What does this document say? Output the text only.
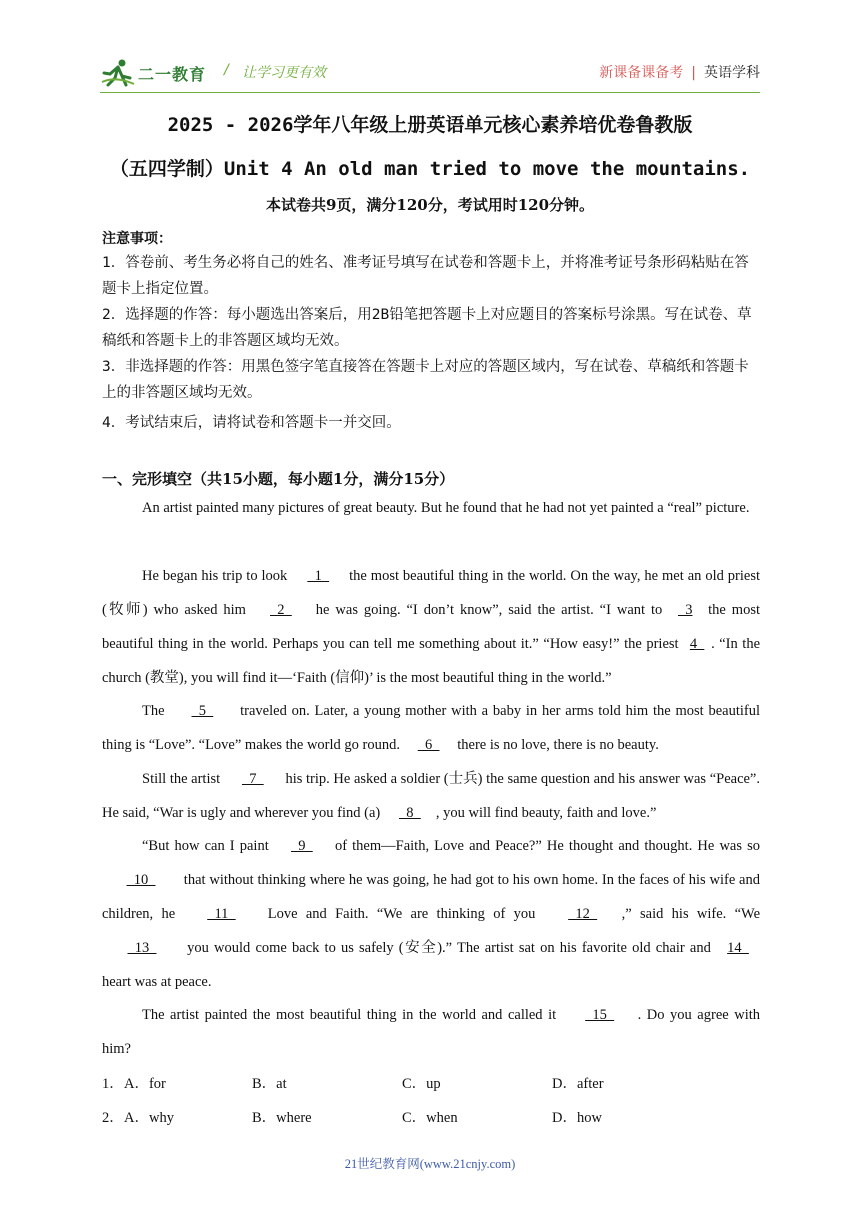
二一教育 / 让学习更有效	新课备课备考 | 英语学科
2025 - 2026学年八年级上册英语单元核心素养培优卷鲁教版
（五四学制）Unit 4 An old man tried to move the mountains.
本试卷共9页，满分120分，考试用时120分钟。
注意事项：
1．答卷前、考生务必将自己的姓名、准考证号填写在试卷和答题卡上，并将准考证号条形码粘贴在答题卡上指定位置。
2．选择题的作答：每小题选出答案后，用2B铅笔把答题卡上对应题目的答案标号涂黑。写在试卷、草稿纸和答题卡上的非答题区域均无效。
3．非选择题的作答：用黑色签字笔直接答在答题卡上对应的答题区域内，写在试卷、草稿纸和答题卡上的非答题区域均无效。
4．考试结束后，请将试卷和答题卡一并交回。
一、完形填空（共15小题，每小题1分，满分15分）
An artist painted many pictures of great beauty. But he found that he had not yet painted a “real” picture.
He began his trip to look   1   the most beautiful thing in the world. On the way, he met an old priest (牧师) who asked him   2   he was going. “I don’t know”, said the artist. “I want to   3 the most beautiful thing in the world. Perhaps you can tell me something about it.” “How easy!” the priest 4  . “In the church (教堂), you will find it—‘Faith (信仰)’ is the most beautiful thing in the world.”
The   5   traveled on. Later, a young mother with a baby in her arms told him the most beautiful thing is “Love”. “Love” makes the world go round.   6   there is no love, there is no beauty.
Still the artist   7   his trip. He asked a soldier (士兵) the same question and his answer was “Peace”. He said, “War is ugly and wherever you find (a)   8  , you will find beauty, faith and love.”
“But how can I paint   9   of them—Faith, Love and Peace?” He thought and thought. He was so   10   that without thinking where he was going, he had got to his own home. In the faces of his wife and children, he   11   Love and Faith. “We are thinking of you   12  ,” said his wife. “We   13   you would come back to us safely (安全).” The artist sat on his favorite old chair and 14   heart was at peace.
The artist painted the most beautiful thing in the world and called it   15  . Do you agree with him?
1． A．for	B．at	C．up	D．after
2． A．why	B．where	C．when	D．how
21世纪教育网(www.21cnjy.com)
